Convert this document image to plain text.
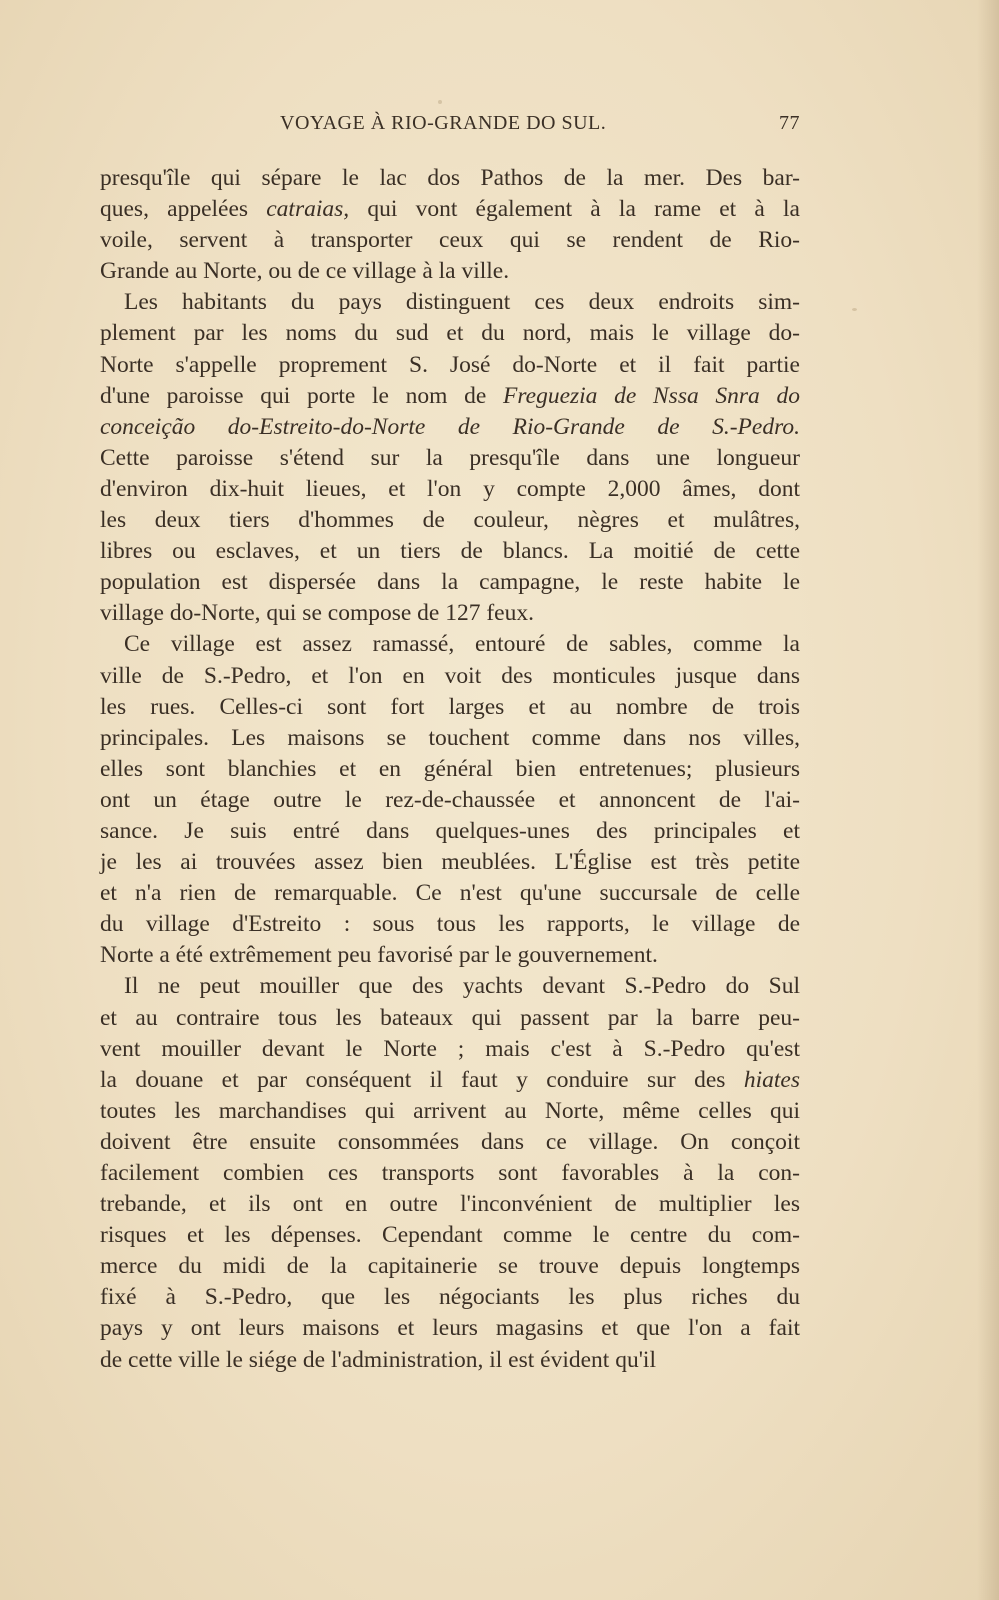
VOYAGE À RIO-GRANDE DO SUL.	77
presqu'île qui sépare le lac dos Pathos de la mer. Des bar-
ques, appelées catraias, qui vont également à la rame et à la
voile, servent à transporter ceux qui se rendent de Rio-
Grande au Norte, ou de ce village à la ville.
Les habitants du pays distinguent ces deux endroits sim-
plement par les noms du sud et du nord, mais le village do-
Norte s'appelle proprement S. José do-Norte et il fait partie
d'une paroisse qui porte le nom de Freguezia de Nssa Snra do
conceição do-Estreito-do-Norte de Rio-Grande de S.-Pedro.
Cette paroisse s'étend sur la presqu'île dans une longueur
d'environ dix-huit lieues, et l'on y compte 2,000 âmes, dont
les deux tiers d'hommes de couleur, nègres et mulâtres,
libres ou esclaves, et un tiers de blancs. La moitié de cette
population est dispersée dans la campagne, le reste habite le
village do-Norte, qui se compose de 127 feux.
Ce village est assez ramassé, entouré de sables, comme la
ville de S.-Pedro, et l'on en voit des monticules jusque dans
les rues. Celles-ci sont fort larges et au nombre de trois
principales. Les maisons se touchent comme dans nos villes,
elles sont blanchies et en général bien entretenues; plusieurs
ont un étage outre le rez-de-chaussée et annoncent de l'ai-
sance. Je suis entré dans quelques-unes des principales et
je les ai trouvées assez bien meublées. L'Église est très petite
et n'a rien de remarquable. Ce n'est qu'une succursale de celle
du village d'Estreito : sous tous les rapports, le village de
Norte a été extrêmement peu favorisé par le gouvernement.
Il ne peut mouiller que des yachts devant S.-Pedro do Sul
et au contraire tous les bateaux qui passent par la barre peu-
vent mouiller devant le Norte ; mais c'est à S.-Pedro qu'est
la douane et par conséquent il faut y conduire sur des hiates
toutes les marchandises qui arrivent au Norte, même celles qui
doivent être ensuite consommées dans ce village. On conçoit
facilement combien ces transports sont favorables à la con-
trebande, et ils ont en outre l'inconvénient de multiplier les
risques et les dépenses. Cependant comme le centre du com-
merce du midi de la capitainerie se trouve depuis longtemps
fixé à S.-Pedro, que les négociants les plus riches du
pays y ont leurs maisons et leurs magasins et que l'on a fait
de cette ville le siége de l'administration, il est évident qu'il
